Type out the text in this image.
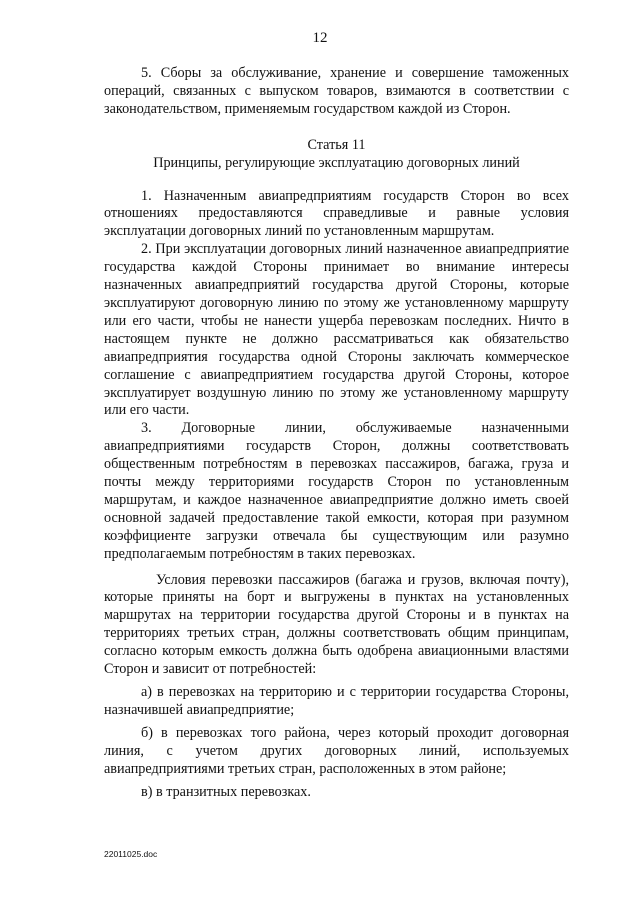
12

5. Сборы за обслуживание, хранение и совершение таможенных операций, связанных с выпуском товаров, взимаются в соответствии с законодательством, применяемым государством каждой из Сторон.

Статья 11

Принципы, регулирующие эксплуатацию договорных линий

1. Назначенным авиапредприятиям государств Сторон во всех отношениях предоставляются справедливые и равные условия эксплуатации договорных линий по установленным маршрутам.

2. При эксплуатации договорных линий назначенное авиапредприятие государства каждой Стороны принимает во внимание интересы назначенных авиапредприятий государства другой Стороны, которые эксплуатируют договорную линию по этому же установленному маршруту или его части, чтобы не нанести ущерба перевозкам последних. Ничто в настоящем пункте не должно рассматриваться как обязательство авиапредприятия государства одной Стороны заключать коммерческое соглашение с авиапредприятием государства другой Стороны, которое эксплуатирует воздушную линию по этому же установленному маршруту или его части.

3. Договорные линии, обслуживаемые назначенными авиапредприятиями государств Сторон, должны соответствовать общественным потребностям в перевозках пассажиров, багажа, груза и почты между территориями государств Сторон по установленным маршрутам, и каждое назначенное авиапредприятие должно иметь своей основной задачей предоставление такой емкости, которая при разумном коэффициенте загрузки отвечала бы существующим или разумно предполагаемым потребностям в таких перевозках.

Условия перевозки пассажиров (багажа и грузов, включая почту), которые приняты на борт и выгружены в пунктах на установленных маршрутах на территории государства другой Стороны и в пунктах на территориях третьих стран, должны соответствовать общим принципам, согласно которым емкость должна быть одобрена авиационными властями Сторон и зависит от потребностей:

а) в перевозках на территорию и с территории государства Стороны, назначившей авиапредприятие;

б) в перевозках того района, через который проходит договорная линия, с учетом других договорных линий, используемых авиапредприятиями третьих стран, расположенных в этом районе;

в) в транзитных перевозках.

22011025.doc
